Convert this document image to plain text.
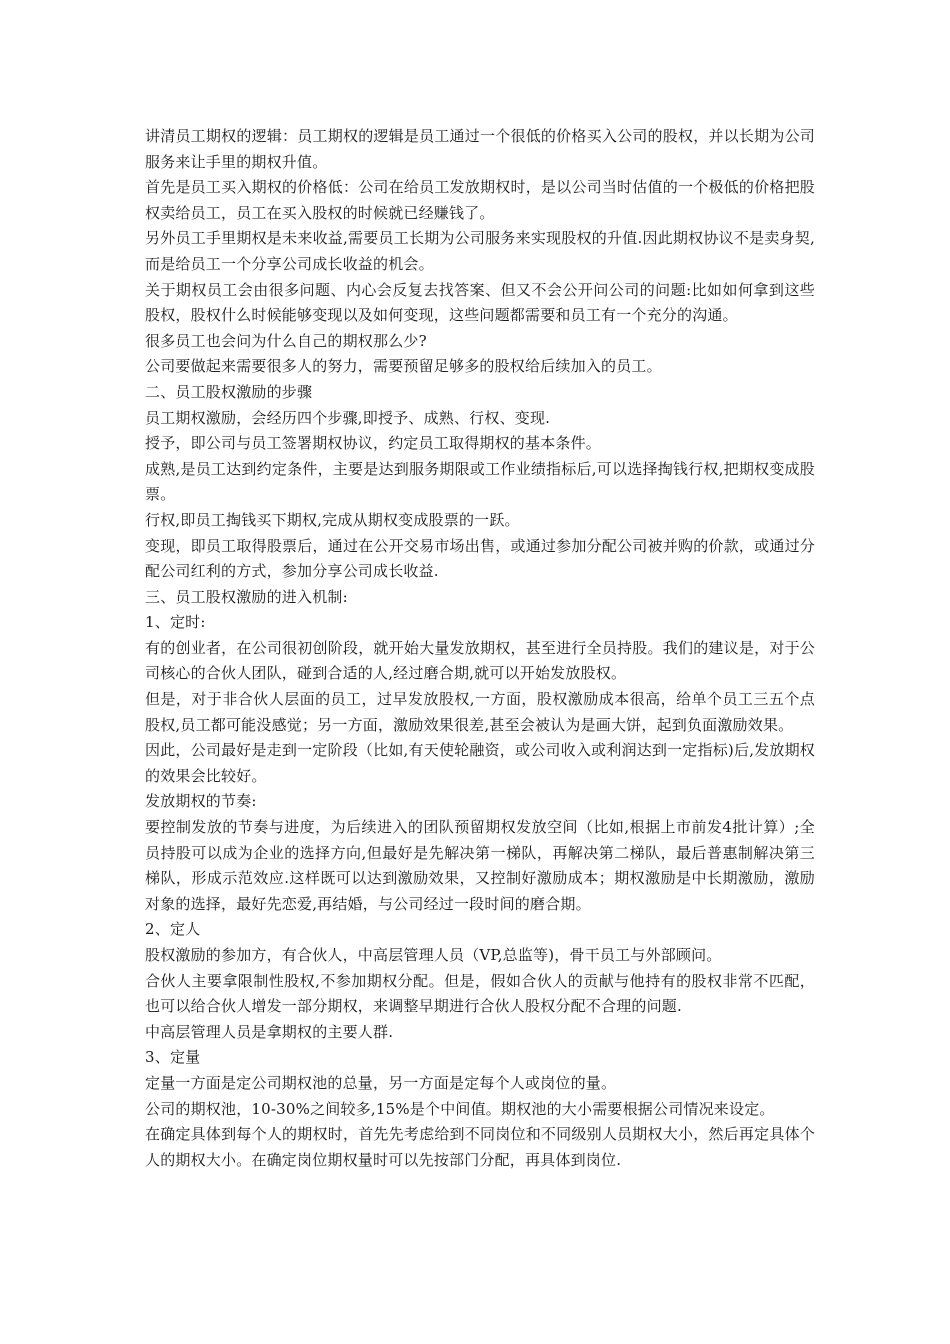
讲清员工期权的逻辑：员工期权的逻辑是员工通过一个很低的价格买入公司的股权，并以长期为公司服务来让手里的期权升值。

首先是员工买入期权的价格低：公司在给员工发放期权时，是以公司当时估值的一个极低的价格把股权卖给员工，员工在买入股权的时候就已经赚钱了。

另外员工手里期权是未来收益,需要员工长期为公司服务来实现股权的升值.因此期权协议不是卖身契,而是给员工一个分享公司成长收益的机会。

关于期权员工会由很多问题、内心会反复去找答案、但又不会公开问公司的问题:比如如何拿到这些股权，股权什么时候能够变现以及如何变现，这些问题都需要和员工有一个充分的沟通。

很多员工也会问为什么自己的期权那么少?

公司要做起来需要很多人的努力，需要预留足够多的股权给后续加入的员工。

二、员工股权激励的步骤

员工期权激励，会经历四个步骤,即授予、成熟、行权、变现.

授予，即公司与员工签署期权协议，约定员工取得期权的基本条件。

成熟,是员工达到约定条件，主要是达到服务期限或工作业绩指标后,可以选择掏钱行权,把期权变成股票。

行权,即员工掏钱买下期权,完成从期权变成股票的一跃。

变现，即员工取得股票后，通过在公开交易市场出售，或通过参加分配公司被并购的价款，或通过分配公司红利的方式，参加分享公司成长收益.

三、员工股权激励的进入机制:

1、定时:

有的创业者，在公司很初创阶段，就开始大量发放期权，甚至进行全员持股。我们的建议是，对于公司核心的合伙人团队，碰到合适的人,经过磨合期,就可以开始发放股权。

但是，对于非合伙人层面的员工，过早发放股权,一方面，股权激励成本很高，给单个员工三五个点股权,员工都可能没感觉；另一方面，激励效果很差,甚至会被认为是画大饼，起到负面激励效果。

因此，公司最好是走到一定阶段（比如,有天使轮融资，或公司收入或利润达到一定指标)后,发放期权的效果会比较好。

发放期权的节奏:

要控制发放的节奏与进度，为后续进入的团队预留期权发放空间（比如,根据上市前发4批计算）;全员持股可以成为企业的选择方向,但最好是先解决第一梯队，再解决第二梯队，最后普惠制解决第三梯队，形成示范效应.这样既可以达到激励效果，又控制好激励成本；期权激励是中长期激励，激励对象的选择，最好先恋爱,再结婚，与公司经过一段时间的磨合期。

2、定人

股权激励的参加方，有合伙人，中高层管理人员（VP,总监等)，骨干员工与外部顾问。

合伙人主要拿限制性股权,不参加期权分配。但是，假如合伙人的贡献与他持有的股权非常不匹配，也可以给合伙人增发一部分期权，来调整早期进行合伙人股权分配不合理的问题.

中高层管理人员是拿期权的主要人群.

3、定量

定量一方面是定公司期权池的总量，另一方面是定每个人或岗位的量。

公司的期权池，10-30%之间较多,15%是个中间值。期权池的大小需要根据公司情况来设定。

在确定具体到每个人的期权时，首先先考虑给到不同岗位和不同级别人员期权大小，然后再定具体个人的期权大小。在确定岗位期权量时可以先按部门分配，再具体到岗位.
